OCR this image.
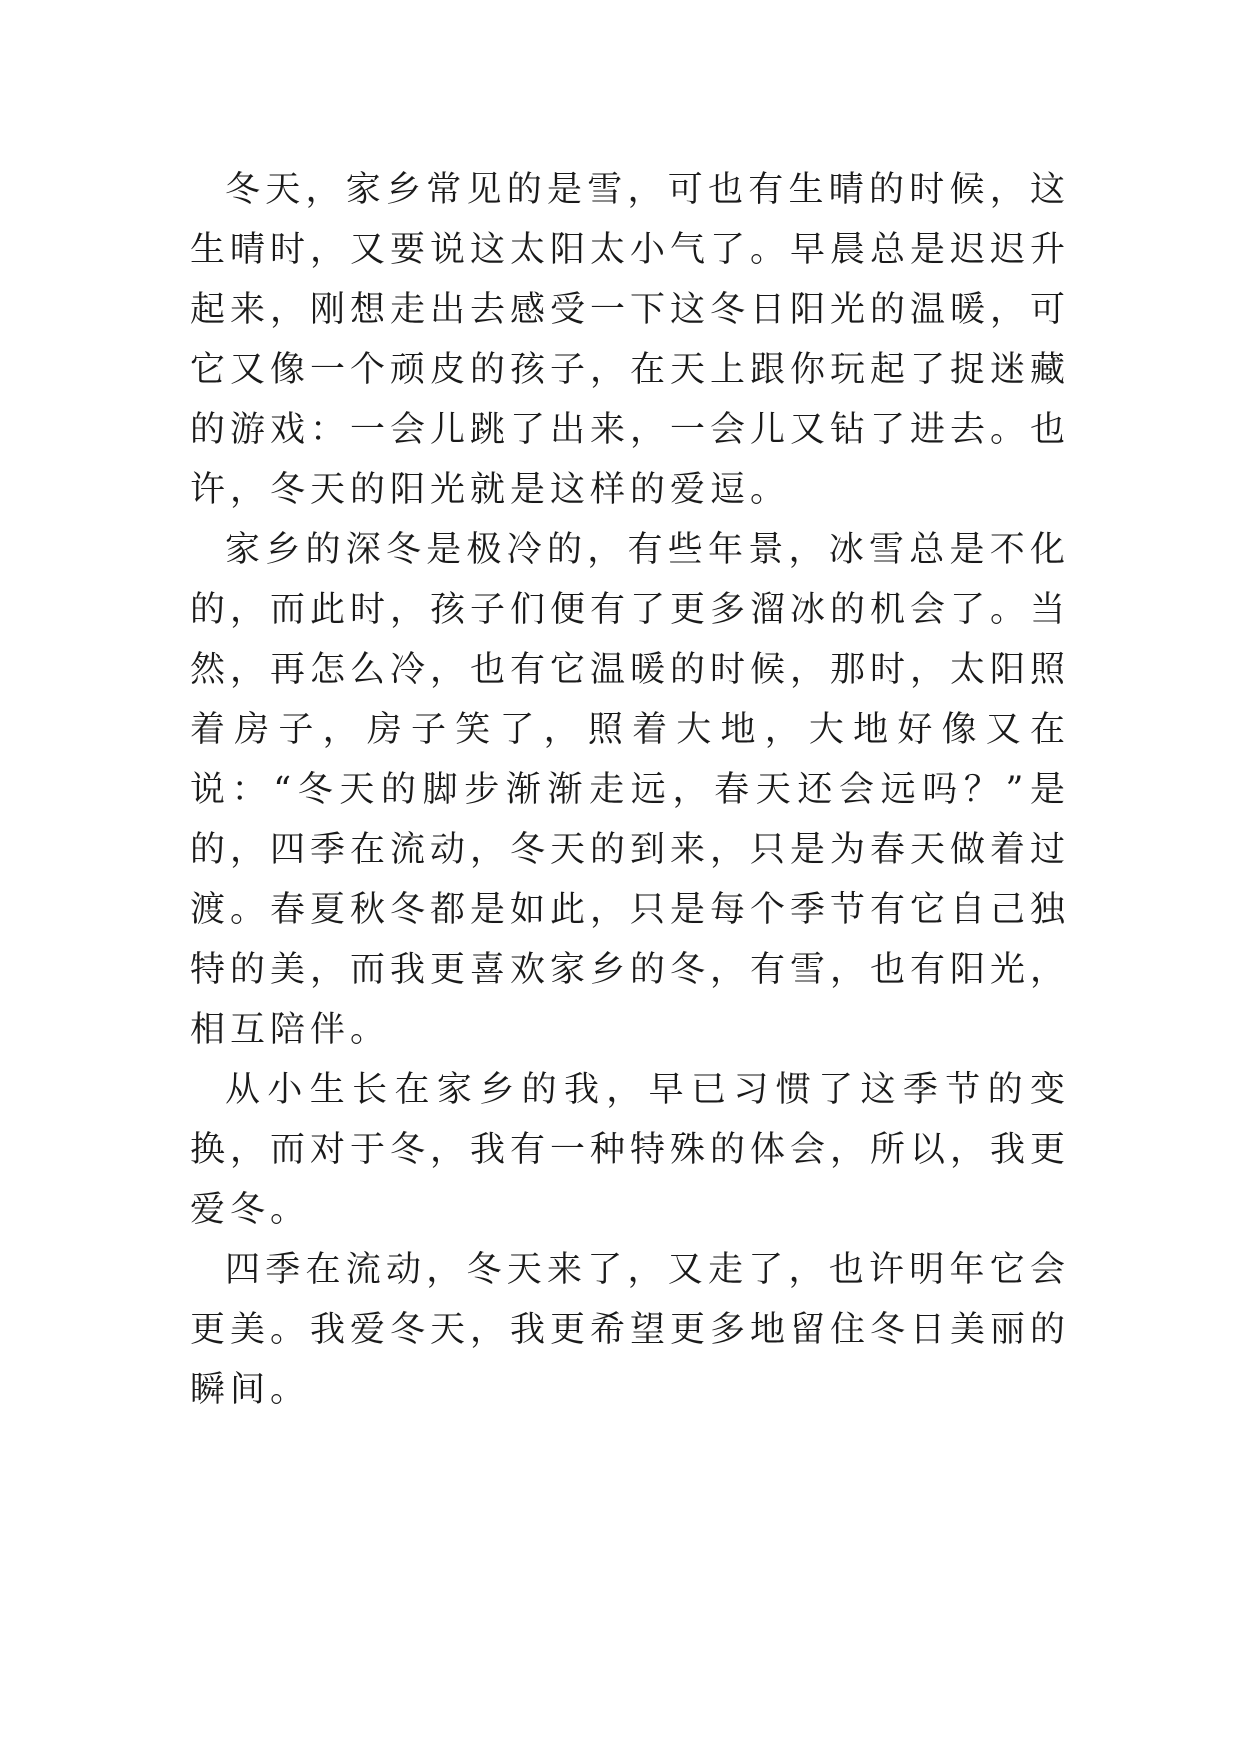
冬天，家乡常见的是雪，可也有生晴的时候，这生晴时，又要说这太阳太小气了。早晨总是迟迟升起来，刚想走出去感受一下这冬日阳光的温暖，可它又像一个顽皮的孩子，在天上跟你玩起了捉迷藏的游戏：一会儿跳了出来，一会儿又钻了进去。也许，冬天的阳光就是这样的爱逗。

家乡的深冬是极冷的，有些年景，冰雪总是不化的，而此时，孩子们便有了更多溜冰的机会了。当然，再怎么冷，也有它温暖的时候，那时，太阳照着房子，房子笑了，照着大地，大地好像又在说：“冬天的脚步渐渐走远，春天还会远吗？”是的，四季在流动，冬天的到来，只是为春天做着过渡。春夏秋冬都是如此，只是每个季节有它自己独特的美，而我更喜欢家乡的冬，有雪，也有阳光，相互陪伴。

从小生长在家乡的我，早已习惯了这季节的变换，而对于冬，我有一种特殊的体会，所以，我更爱冬。

四季在流动，冬天来了，又走了，也许明年它会更美。我爱冬天，我更希望更多地留住冬日美丽的瞬间。
